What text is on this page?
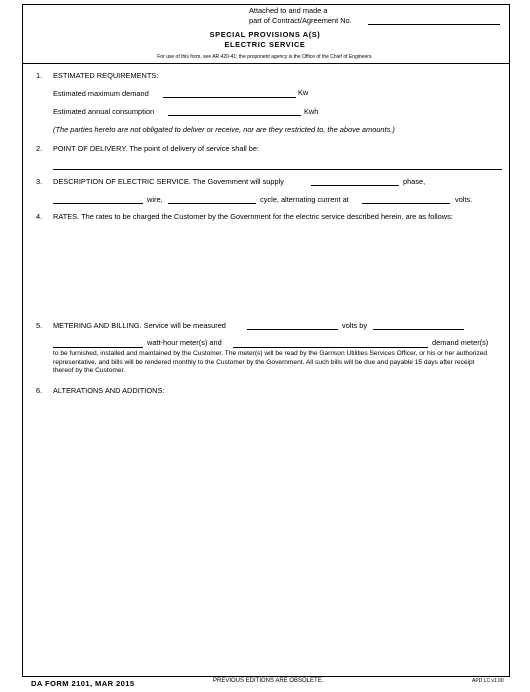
Attached to and made a
part of Contract/Agreement No.
SPECIAL PROVISIONS A(S)
ELECTRIC SERVICE
For use of this form, see AR 420-41; the proponent agency is the Office of the Chief of Engineers.
1. ESTIMATED REQUIREMENTS:
Estimated maximum demand	Kw
Estimated annual consumption	Kwh
(The parties hereto are not obligated to deliver or receive, nor are they restricted to, the above amounts.)
2. POINT OF DELIVERY. The point of delivery of service shall be:
3. DESCRIPTION OF ELECTRIC SERVICE. The Government will supply	phase,
wire,	cycle, alternating current at	volts.
4. RATES. The rates to be charged the Customer by the Government for the electric service described herein, are as follows:
5. METERING AND BILLING. Service will be measured	volts by
watt-hour meter(s) and	demand meter(s)
to be furnished, installed and maintained by the Customer. The meter(s) will be read by the Garrison Utilities Services Officer, or his or her authorized representative, and bills will be rendered monthly to the Customer by the Government. All such bills will be due and payable 15 days after receipt thereof by the Customer.
6. ALTERATIONS AND ADDITIONS:
DA FORM 2101, MAR 2015	PREVIOUS EDITIONS ARE OBSOLETE.	APD LC v1.00
